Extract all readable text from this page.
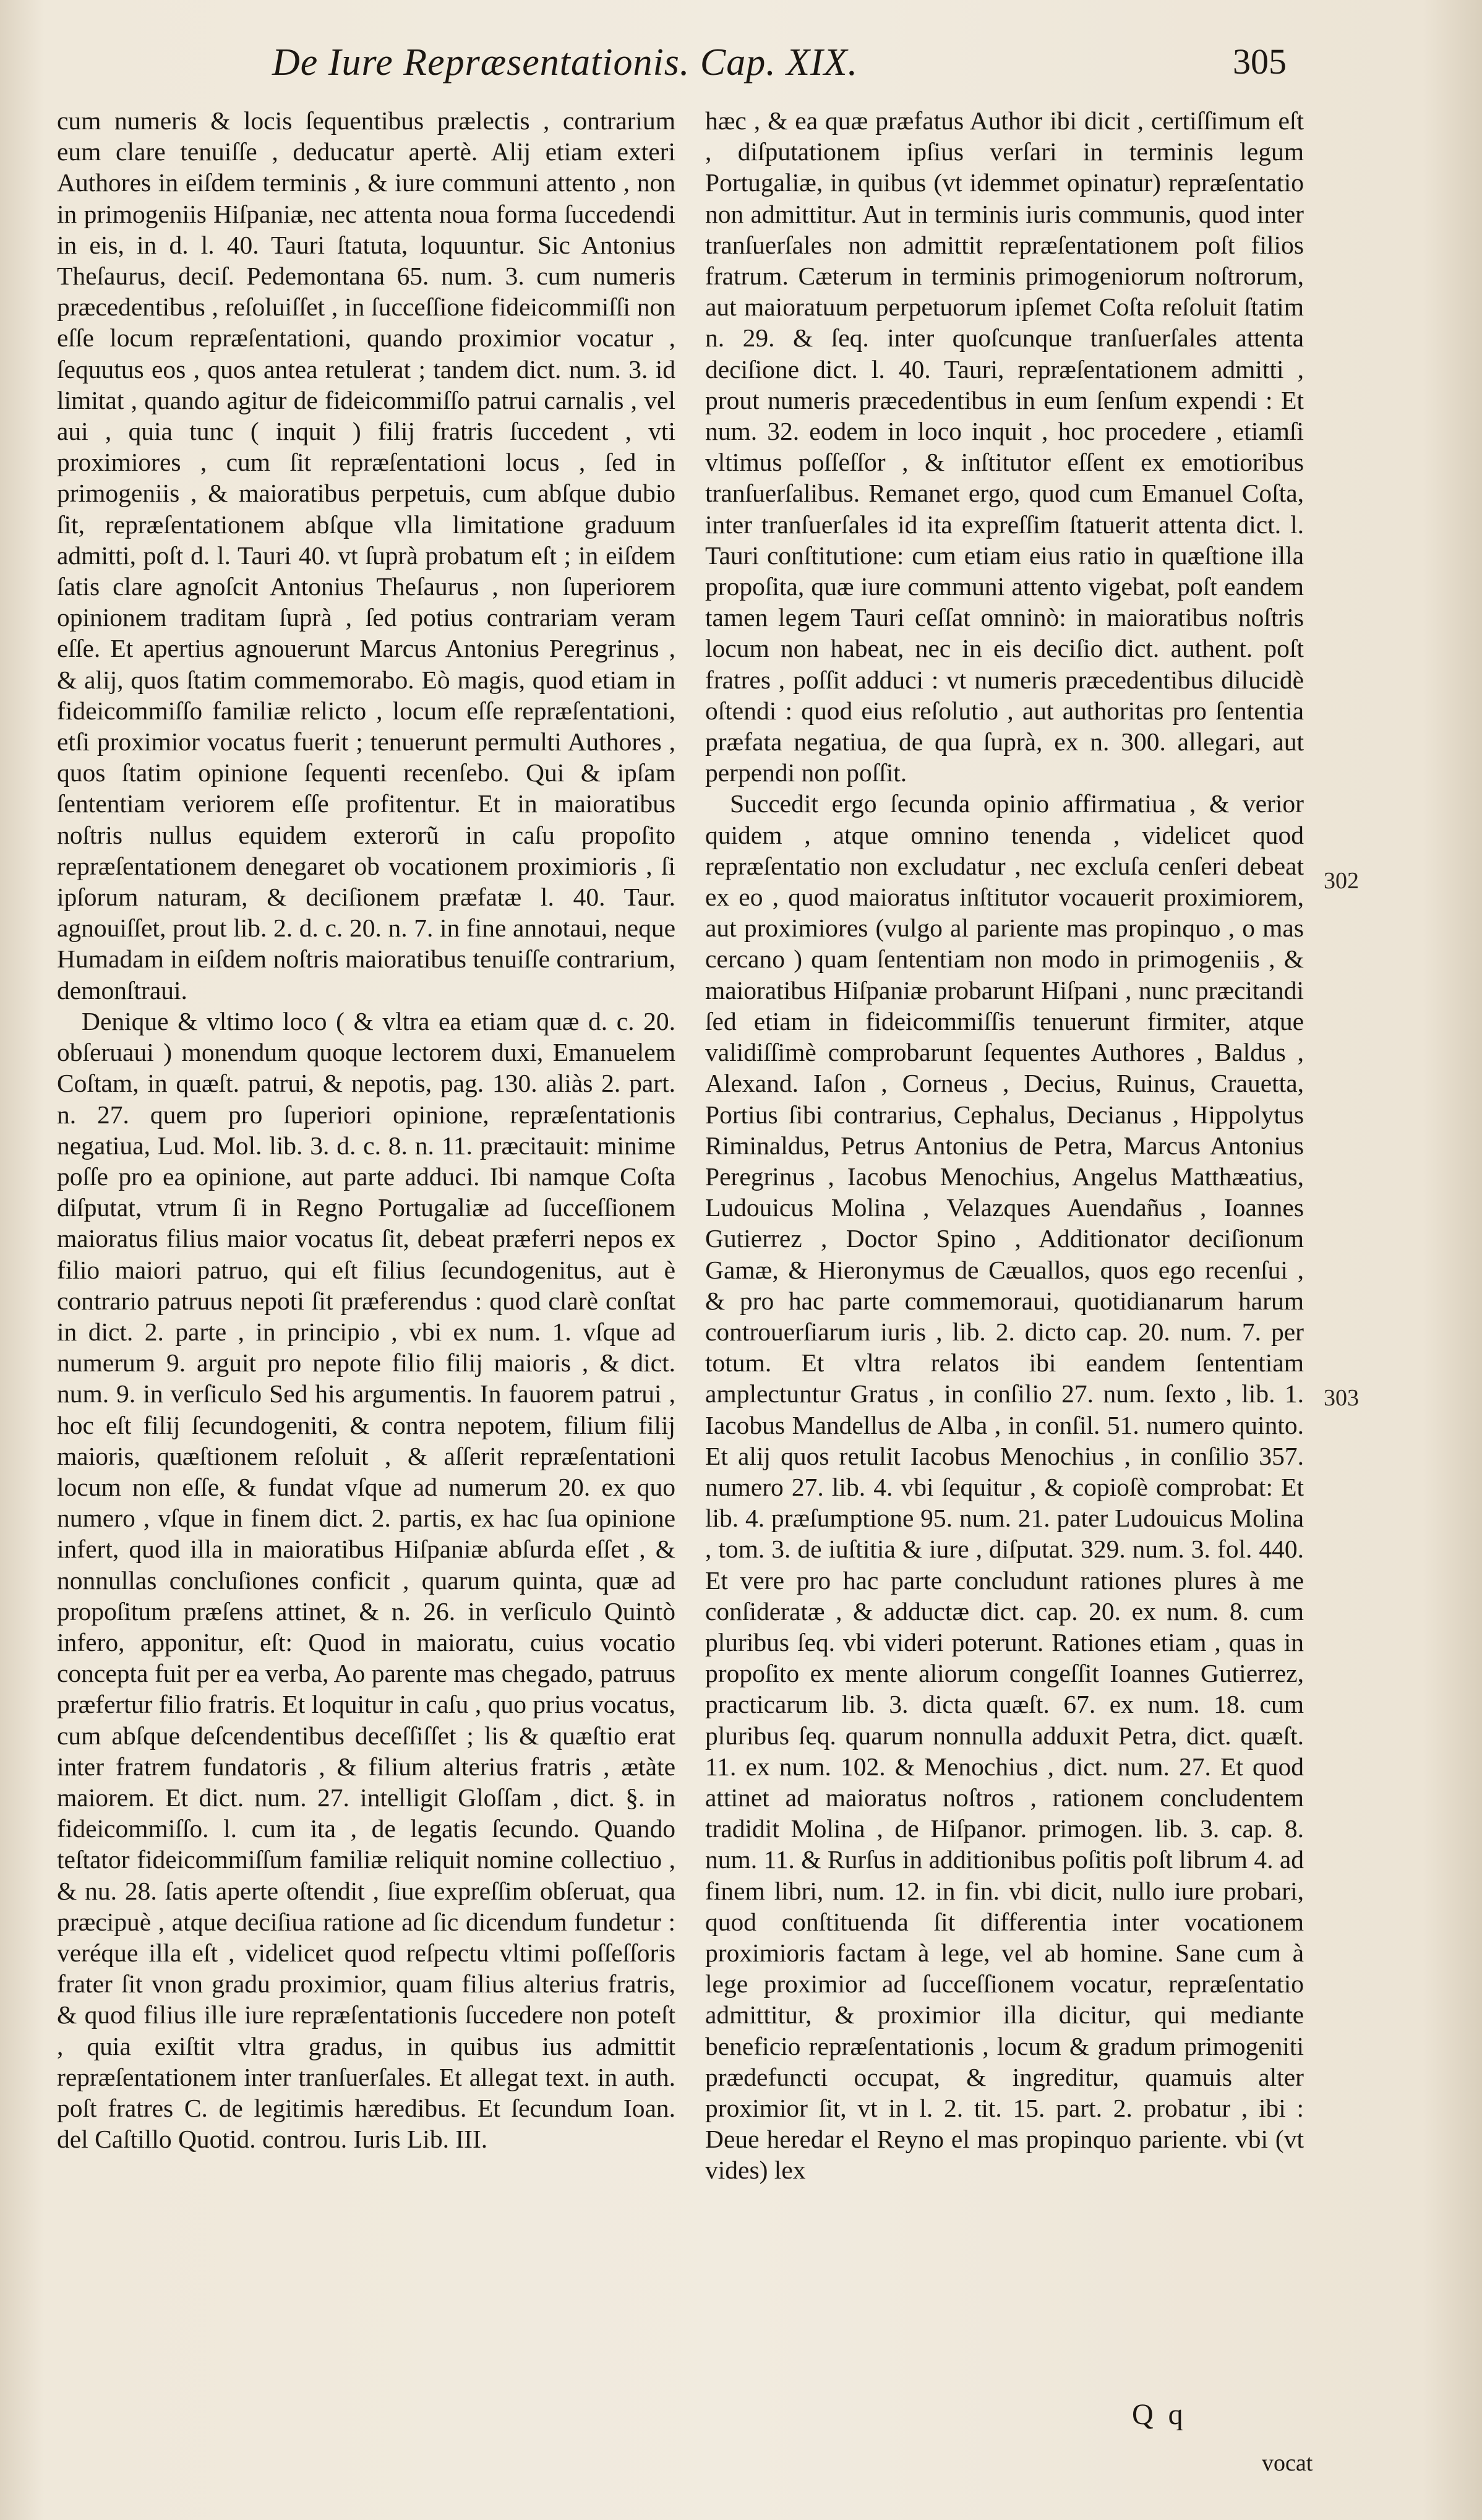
De Iure Repræsentationis. Cap. XIX.	305

cum numeris & locis ſequentibus prælectis , contrarium eum clare tenuiſſe , deducatur apertè. Alij etiam exteri Authores in eiſdem terminis , & iure communi attento , non in primogeniis Hiſpaniæ, nec attenta noua forma ſuccedendi in eis, in d. l. 40. Tauri ſtatuta, loquuntur. Sic Antonius Theſaurus, deciſ. Pedemontana 65. num. 3. cum numeris præcedentibus , reſoluiſſet , in ſucceſſione fideicommiſſi non eſſe locum repræſentationi, quando proximior vocatur , ſequutus eos , quos antea retulerat ; tandem dict. num. 3. id limitat , quando agitur de fideicommiſſo patrui carnalis , vel aui , quia tunc ( inquit ) filij fratris ſuccedent , vti proximiores , cum ſit repræſentationi locus , ſed in primogeniis , & maioratibus perpetuis, cum abſque dubio ſit, repræſentationem abſque vlla limitatione graduum admitti, poſt d. l. Tauri 40. vt ſuprà probatum eſt ; in eiſdem ſatis clare agnoſcit Antonius Theſaurus , non ſuperiorem opinionem traditam ſuprà , ſed potius contrariam veram eſſe. Et apertius agnouerunt Marcus Antonius Peregrinus , & alij, quos ſtatim commemorabo. Eò magis, quod etiam in fideicommiſſo familiæ relicto , locum eſſe repræſentationi, etſi proximior vocatus fuerit ; tenuerunt permulti Authores , quos ſtatim opinione ſequenti recenſebo. Qui & ipſam ſententiam veriorem eſſe profitentur. Et in maioratibus noſtris nullus equidem exterorũ in caſu propoſito repræſentationem denegaret ob vocationem proximioris , ſi ipſorum naturam, & deciſionem præfatæ l. 40. Taur. agnouiſſet, prout lib. 2. d. c. 20. n. 7. in fine annotaui, neque Humadam in eiſdem noſtris maioratibus tenuiſſe contrarium, demonſtraui.

Denique & vltimo loco ( & vltra ea etiam quæ d. c. 20. obſeruaui ) monendum quoque lectorem duxi, Emanuelem Coſtam, in quæſt. patrui, & nepotis, pag. 130. aliàs 2. part. n. 27. quem pro ſuperiori opinione, repræſentationis negatiua, Lud. Mol. lib. 3. d. c. 8. n. 11. præcitauit: minime poſſe pro ea opinione, aut parte adduci. Ibi namque Coſta diſputat, vtrum ſi in Regno Portugaliæ ad ſucceſſionem maioratus filius maior vocatus ſit, debeat præferri nepos ex filio maiori patruo, qui eſt filius ſecundogenitus, aut è contrario patruus nepoti ſit præferendus : quod clarè conſtat in dict. 2. parte , in principio , vbi ex num. 1. vſque ad numerum 9. arguit pro nepote filio filij maioris , & dict. num. 9. in verſiculo Sed his argumentis. In fauorem patrui , hoc eſt filij ſecundogeniti, & contra nepotem, filium filij maioris, quæſtionem reſoluit , & aſſerit repræſentationi locum non eſſe, & fundat vſque ad numerum 20. ex quo numero , vſque in finem dict. 2. partis, ex hac ſua opinione infert, quod illa in maioratibus Hiſpaniæ abſurda eſſet , & nonnullas concluſiones conficit , quarum quinta, quæ ad propoſitum præſens attinet, & n. 26. in verſiculo Quintò infero, apponitur, eſt: Quod in maioratu, cuius vocatio concepta fuit per ea verba, Ao parente mas chegado, patruus præfertur filio fratris. Et loquitur in caſu , quo prius vocatus, cum abſque deſcendentibus deceſſiſſet ; lis & quæſtio erat inter fratrem fundatoris , & filium alterius fratris , ætàte maiorem. Et dict. num. 27. intelligit Gloſſam , dict. §. in fideicommiſſo. l. cum ita , de legatis ſecundo. Quando teſtator fideicommiſſum familiæ reliquit nomine collectiuo , & nu. 28. ſatis aperte oſtendit , ſiue expreſſim obſeruat, qua præcipuè , atque deciſiua ratione ad ſic dicendum fundetur : veréque illa eſt , videlicet quod reſpectu vltimi poſſeſſoris frater ſit vnon gradu proximior, quam filius alterius fratris, & quod filius ille iure repræſentationis ſuccedere non poteſt , quia exiſtit vltra gradus, in quibus ius admittit repræſentationem inter tranſuerſales. Et allegat text. in auth. poſt fratres C. de legitimis hæredibus. Et ſecundum Ioan. del Caſtillo Quotid. controu. Iuris Lib. III.

hæc , & ea quæ præfatus Author ibi dicit , certiſſimum eſt , diſputationem ipſius verſari in terminis legum Portugaliæ, in quibus (vt idemmet opinatur) repræſentatio non admittitur. Aut in terminis iuris communis, quod inter tranſuerſales non admittit repræſentationem poſt filios fratrum. Cæterum in terminis primogeniorum noſtrorum, aut maioratuum perpetuorum ipſemet Coſta reſoluit ſtatim n. 29. & ſeq. inter quoſcunque tranſuerſales attenta deciſione dict. l. 40. Tauri, repræſentationem admitti , prout numeris præcedentibus in eum ſenſum expendi : Et num. 32. eodem in loco inquit , hoc procedere , etiamſi vltimus poſſeſſor , & inſtitutor eſſent ex emotioribus tranſuerſalibus. Remanet ergo, quod cum Emanuel Coſta, inter tranſuerſales id ita expreſſim ſtatuerit attenta dict. l. Tauri conſtitutione: cum etiam eius ratio in quæſtione illa propoſita, quæ iure communi attento vigebat, poſt eandem tamen legem Tauri ceſſat omninò: in maioratibus noſtris locum non habeat, nec in eis deciſio dict. authent. poſt fratres , poſſit adduci : vt numeris præcedentibus dilucidè oſtendi : quod eius reſolutio , aut authoritas pro ſententia præfata negatiua, de qua ſuprà, ex n. 300. allegari, aut perpendi non poſſit.

Succedit ergo ſecunda opinio affirmatiua , & verior quidem , atque omnino tenenda , videlicet quod repræſentatio non excludatur , nec excluſa cenſeri debeat ex eo , quod maioratus inſtitutor vocauerit proximiorem, aut proximiores (vulgo al pariente mas propinquo , o mas cercano ) quam ſententiam non modo in primogeniis , & maioratibus Hiſpaniæ probarunt Hiſpani , nunc præcitandi ſed etiam in fideicommiſſis tenuerunt firmiter, atque validiſſimè comprobarunt ſequentes Authores , Baldus , Alexand. Iaſon , Corneus , Decius, Ruinus, Crauetta, Portius ſibi contrarius, Cephalus, Decianus , Hippolytus Riminaldus, Petrus Antonius de Petra, Marcus Antonius Peregrinus , Iacobus Menochius, Angelus Matthæatius, Ludouicus Molina , Velazques Auendañus , Ioannes Gutierrez , Doctor Spino , Additionator deciſionum Gamæ, & Hieronymus de Cæuallos, quos ego recenſui , & pro hac parte commemoraui, quotidianarum harum controuerſiarum iuris , lib. 2. dicto cap. 20. num. 7. per totum. Et vltra relatos ibi eandem ſententiam amplectuntur Gratus , in conſilio 27. num. ſexto , lib. 1. Iacobus Mandellus de Alba , in conſil. 51. numero quinto. Et alij quos retulit Iacobus Menochius , in conſilio 357. numero 27. lib. 4. vbi ſequitur , & copioſè comprobat: Et lib. 4. præſumptione 95. num. 21. pater Ludouicus Molina , tom. 3. de iuſtitia & iure , diſputat. 329. num. 3. fol. 440. Et vere pro hac parte concludunt rationes plures à me conſideratæ , & adductæ dict. cap. 20. ex num. 8. cum pluribus ſeq. vbi videri poterunt. Rationes etiam , quas in propoſito ex mente aliorum congeſſit Ioannes Gutierrez, practicarum lib. 3. dicta quæſt. 67. ex num. 18. cum pluribus ſeq. quarum nonnulla adduxit Petra, dict. quæſt. 11. ex num. 102. & Menochius , dict. num. 27. Et quod attinet ad maioratus noſtros , rationem concludentem tradidit Molina , de Hiſpanor. primogen. lib. 3. cap. 8. num. 11. & Rurſus in additionibus poſitis poſt librum 4. ad finem libri, num. 12. in fin. vbi dicit, nullo iure probari, quod conſtituenda ſit differentia inter vocationem proximioris factam à lege, vel ab homine. Sane cum à lege proximior ad ſucceſſionem vocatur, repræſentatio admittitur, & proximior illa dicitur, qui mediante beneficio repræſentationis , locum & gradum primogeniti prædefuncti occupat, & ingreditur, quamuis alter proximior ſit, vt in l. 2. tit. 15. part. 2. probatur , ibi : Deue heredar el Reyno el mas propinquo pariente. vbi (vt vides) lex

302
303
Q q
vocat
